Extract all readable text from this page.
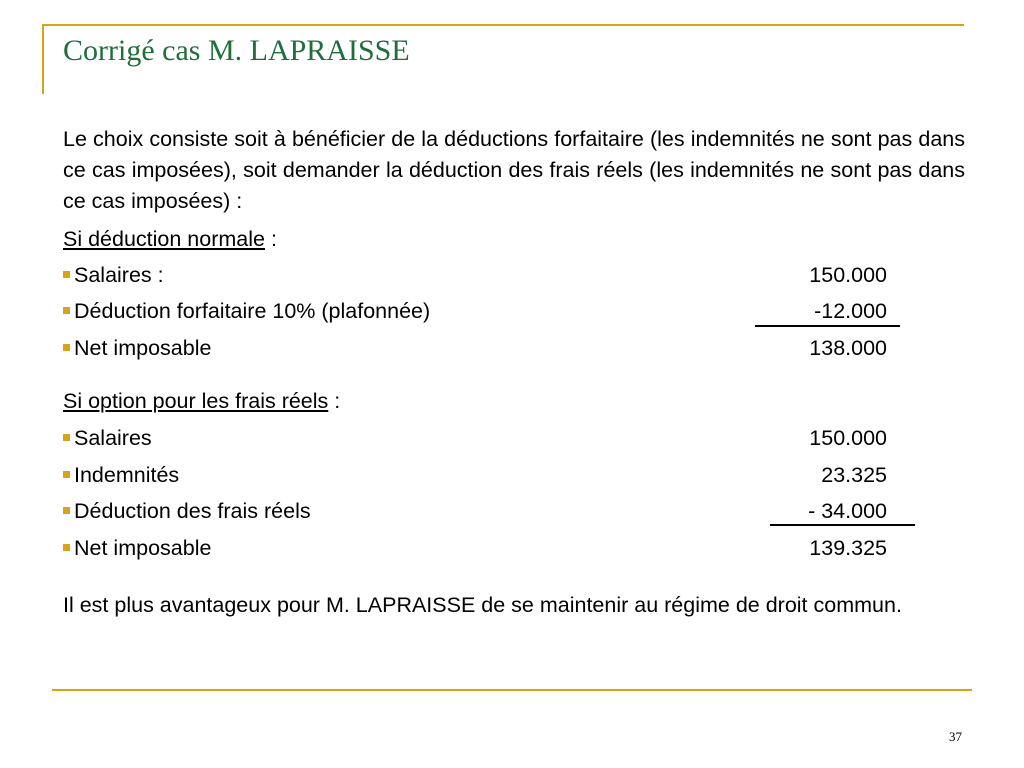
Corrigé cas M. LAPRAISSE
Le choix consiste soit à bénéficier de la déductions forfaitaire (les indemnités ne sont pas dans ce cas imposées), soit demander la déduction des frais réels (les indemnités ne sont pas dans ce cas imposées) :
Si déduction normale :
Salaires :	150.000
Déduction forfaitaire 10% (plafonnée)	-12.000
Net imposable	138.000
Si option pour les frais réels :
Salaires	150.000
Indemnités	23.325
Déduction des frais réels	- 34.000
Net imposable	139.325
Il est plus avantageux pour M. LAPRAISSE de se maintenir au régime de droit commun.
37
